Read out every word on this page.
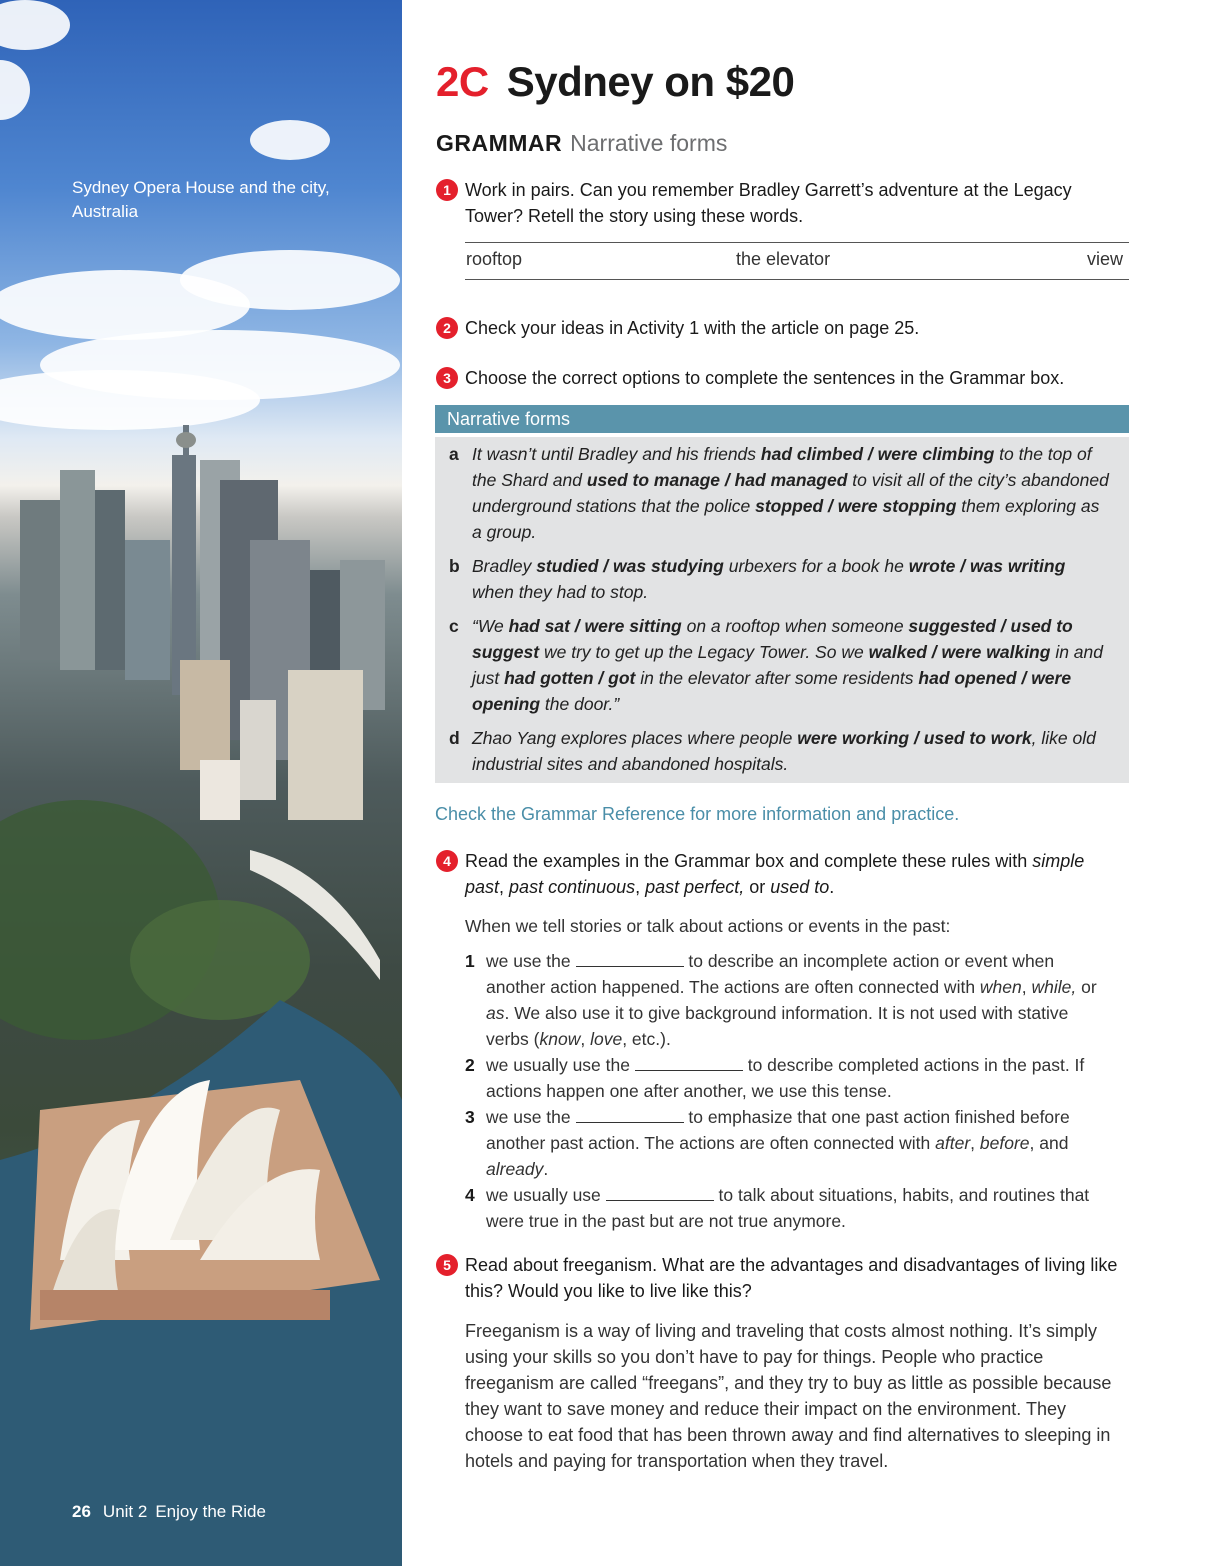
Sydney Opera House and the city, Australia
26 Unit 2 Enjoy the Ride
2C Sydney on $20
GRAMMAR Narrative forms
1 Work in pairs. Can you remember Bradley Garrett’s adventure at the Legacy Tower? Retell the story using these words.
rooftop	the elevator	view
2 Check your ideas in Activity 1 with the article on page 25.
3 Choose the correct options to complete the sentences in the Grammar box.
Narrative forms
a It wasn’t until Bradley and his friends had climbed / were climbing to the top of the Shard and used to manage / had managed to visit all of the city’s abandoned underground stations that the police stopped / were stopping them exploring as a group.
b Bradley studied / was studying urbexers for a book he wrote / was writing when they had to stop.
c “We had sat / were sitting on a rooftop when someone suggested / used to suggest we try to get up the Legacy Tower. So we walked / were walking in and just had gotten / got in the elevator after some residents had opened / were opening the door.”
d Zhao Yang explores places where people were working / used to work, like old industrial sites and abandoned hospitals.
Check the Grammar Reference for more information and practice.
4 Read the examples in the Grammar box and complete these rules with simple past, past continuous, past perfect, or used to.
When we tell stories or talk about actions or events in the past:
1 we use the	to describe an incomplete action or event when another action happened. The actions are often connected with when, while, or as. We also use it to give background information. It is not used with stative verbs (know, love, etc.).
2 we usually use the	to describe completed actions in the past. If actions happen one after another, we use this tense.
3 we use the	to emphasize that one past action finished before another past action. The actions are often connected with after, before, and already.
4 we usually use	to talk about situations, habits, and routines that were true in the past but are not true anymore.
5 Read about freeganism. What are the advantages and disadvantages of living like this? Would you like to live like this?
Freeganism is a way of living and traveling that costs almost nothing. It’s simply using your skills so you don’t have to pay for things. People who practice freeganism are called “freegans”, and they try to buy as little as possible because they want to save money and reduce their impact on the environment. They choose to eat food that has been thrown away and find alternatives to sleeping in hotels and paying for transportation when they travel.
